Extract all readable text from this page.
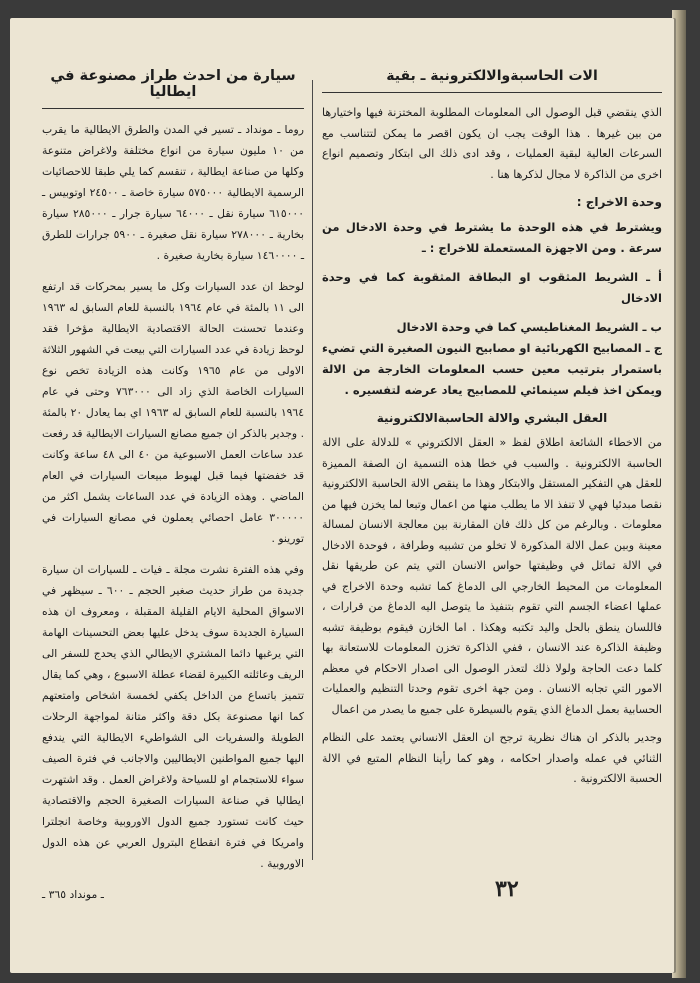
الات الحاسبةوالالكترونية ـ بقية

الذي ينقضي قبل الوصول الى المعلومات المطلوبة المختزنة فيها واختيارها من بين غيرها . هذا الوقت يجب ان يكون اقصر ما يمكن لتتناسب مع السرعات العالية لبقية العمليات ، وقد ادى ذلك الى ابتكار وتصميم انواع اخرى من الذاكرة لا مجال لذكرها هنا .

وحدة الاخراج :

ويشترط في هذه الوحدة ما يشترط في وحدة الادخال من سرعة . ومن الاجهزة المستعملة للاخراج : ـ

أ ـ الشريط المثقوب او البطاقة المثقوبة كما في وحدة الادخال

ب ـ الشريط المغناطيسي كما في وحدة الادخال

ج ـ المصابيح الكهربائية او مصابيح النيون الصغيرة التي تضيء باستمرار بترتيب معين حسب المعلومات الخارجة من الالة ويمكن اخذ فيلم سينمائي للمصابيح يعاد عرضه لتفسيره .

العقل البشري والالة الحاسبةالالكترونية

من الاخطاء الشائعة اطلاق لفظ « العقل الالكتروني » للدلالة على الالة الحاسبة الالكترونية . والسبب في خطا هذه التسمية ان الصفة المميزة للعقل هي التفكير المستقل والابتكار وهذا ما ينقص الالة الحاسبة الالكترونية نقصا مبدئيا فهي لا تنفذ الا ما يطلب منها من اعمال وتبعا لما يخزن فيها من معلومات . وبالرغم من كل ذلك فان المقارنة بين معالجة الانسان لمسالة معينة وبين عمل الالة المذكورة لا تخلو من تشبيه وطرافة ، فوحدة الادخال في الالة تماثل في وظيفتها حواس الانسان التي يتم عن طريقها نقل المعلومات من المحيط الخارجي الى الدماغ كما تشبه وحدة الاخراج في عملها اعضاء الجسم التي تقوم بتنفيذ ما يتوصل اليه الدماغ من قرارات ، فاللسان ينطق بالحل واليد تكتبه وهكذا . اما الخازن فيقوم بوظيفة تشبه وظيفة الذاكرة عند الانسان ، ففي الذاكرة تخزن المعلومات للاستعانة بها كلما دعت الحاجة ولولا ذلك لتعذر الوصول الى اصدار الاحكام في معظم الامور التي تجابه الانسان . ومن جهة اخرى تقوم وحدتا التنظيم والعمليات الحسابية بعمل الدماغ الذي يقوم بالسيطرة على جميع ما يصدر من اعمال

وجدير بالذكر ان هناك نظرية ترجح ان العقل الانساني يعتمد على النظام الثنائي في عمله واصدار احكامه ، وهو كما رأينا النظام المتبع في الالة الحسبة الالكترونية .

سيارة من احدث طراز مصنوعة في ايطاليا

روما ـ مونداد ـ تسير في المدن والطرق الايطالية ما يقرب من ١٠ مليون سيارة من انواع مختلفة ولاغراض متنوعة وكلها من صناعة ايطالية ، تنقسم كما يلي طبقا للاحصائيات الرسمية الايطالية ٥٧٥٠٠٠ سيارة خاصة ـ ٢٤٥٠٠ اوتوبيس ـ ٦١٥٠٠٠ سيارة نقل ـ ٦٤٠٠٠ سيارة جرار ـ ٢٨٥٠٠٠ سيارة بخارية ـ ٢٧٨٠٠٠ سيارة نقل صغيرة ـ ٥٩٠٠ جرارات للطرق ـ ١٤٦٠٠٠٠ سيارة بخارية صغيرة .

لوحظ ان عدد السيارات وكل ما يسير بمحركات قد ارتفع الى ١١ بالمئة في عام ١٩٦٤ بالنسبة للعام السابق له ١٩٦٣ وعندما تحسنت الحالة الاقتصادية الايطالية مؤخرا فقد لوحظ زيادة في عدد السيارات التي بيعت في الشهور الثلاثة الاولى من عام ١٩٦٥ وكانت هذه الزيادة تخص نوع السيارات الخاصة الذي زاد الى ٧٦٣٠٠٠ وحتى في عام ١٩٦٤ بالنسبة للعام السابق له ١٩٦٣ اي بما يعادل ٢٠ بالمئة . وجدير بالذكر ان جميع مصانع السيارات الايطالية قد رفعت عدد ساعات العمل الاسبوعية من ٤٠ الى ٤٨ ساعة وكانت قد خفضتها فيما قبل لهبوط مبيعات السيارات في العام الماضي . وهذه الزيادة في عدد الساعات يشمل اكثر من ٣٠٠٠٠٠ عامل احصائي يعملون في مصانع السيارات في تورينو .

وفي هذه الفترة نشرت مجلة ـ فيات ـ للسيارات ان سيارة جديدة من طراز حديث صغير الحجم ـ ٦٠٠ ـ سيظهر في الاسواق المحلية الايام القليلة المقبلة ، ومعروف ان هذه السيارة الجديدة سوف يدخل عليها بعض التحسينات الهامة التي يرغبها دائما المشتري الايطالي الذي يحدج للسفر الى الريف وعائلته الكبيرة لقضاء عطلة الاسبوع ، وهي كما يقال تتميز باتساع من الداخل يكفي لخمسة اشخاص وامتعتهم كما انها مصنوعة بكل دقة واكثر متانة لمواجهة الرحلات الطويلة والسفريات الى الشواطيء الايطالية التي يندفع اليها جميع المواطنين الايطاليين والاجانب في فترة الصيف سواء للاستجمام او للسياحة ولاغراض العمل . وقد اشتهرت ايطاليا في صناعة السيارات الصغيرة الحجم والاقتصادية حيث كانت تستورد جميع الدول الاوروبية وخاصة انجلترا وامريكا في فترة انقطاع البترول العربي عن هذه الدول الاوروبية .

ـ مونداد ٣٦٥ ـ	٣٢
